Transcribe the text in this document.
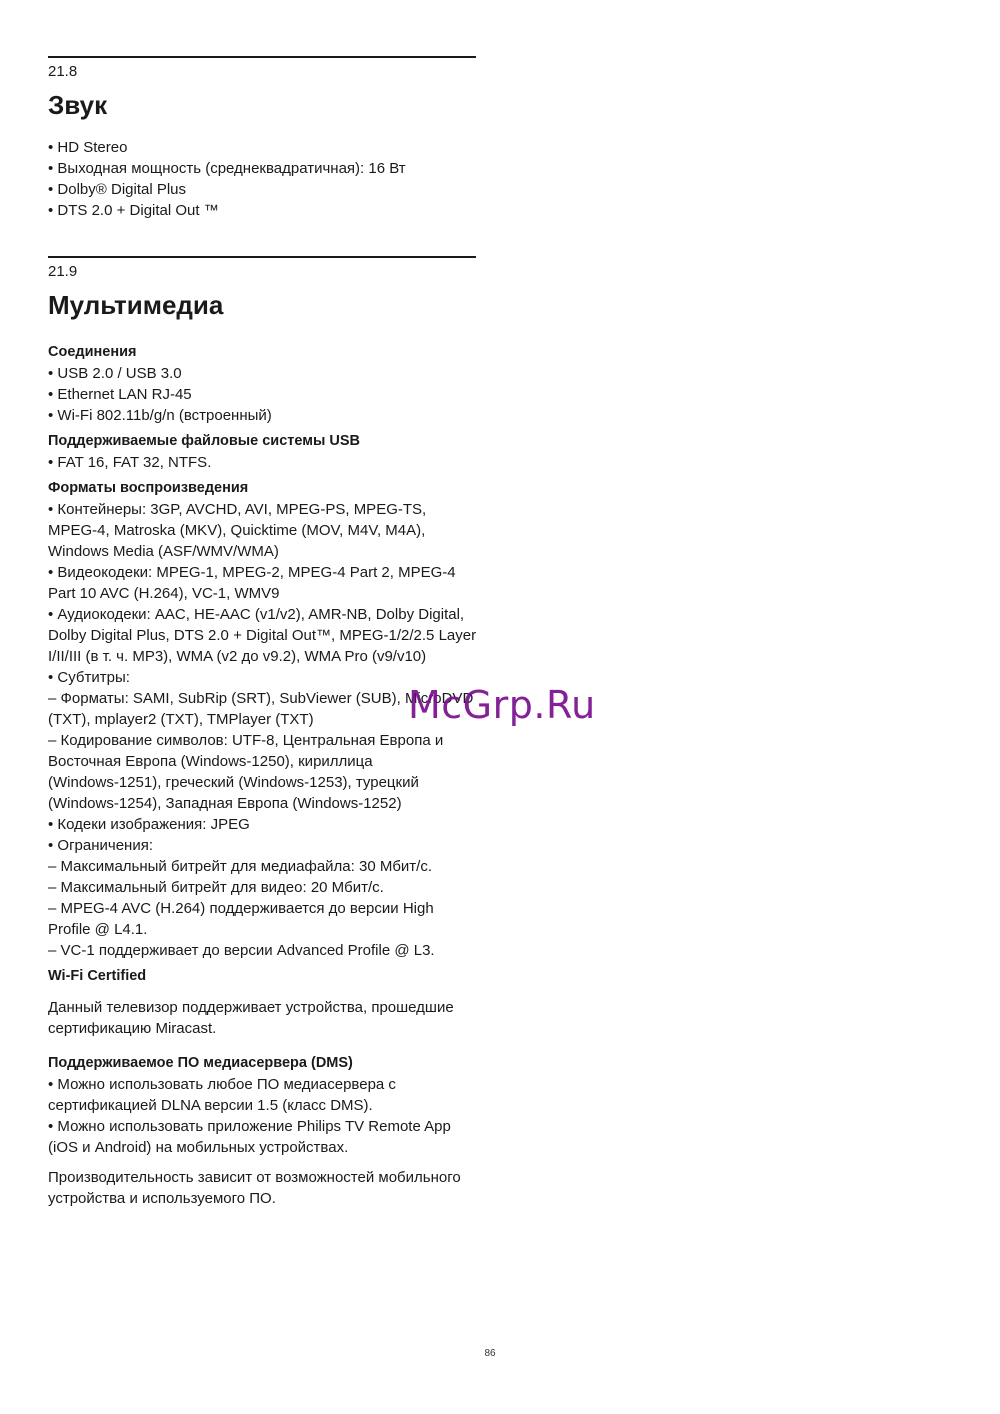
21.8
Звук
• HD Stereo
• Выходная мощность (среднеквадратичная): 16 Вт
• Dolby® Digital Plus
• DTS 2.0 + Digital Out ™
21.9
Мультимедиа
Соединения
• USB 2.0 / USB 3.0
• Ethernet LAN RJ-45
• Wi-Fi 802.11b/g/n (встроенный)
Поддерживаемые файловые системы USB
• FAT 16, FAT 32, NTFS.
Форматы воспроизведения
• Контейнеры: 3GP, AVCHD, AVI, MPEG-PS, MPEG-TS,
MPEG-4, Matroska (MKV), Quicktime (MOV, M4V, M4A),
Windows Media (ASF/WMV/WMA)
• Видеокодеки: MPEG-1, MPEG-2, MPEG-4 Part 2, MPEG-4
Part 10 AVC (H.264), VC-1, WMV9
• Аудиокодеки: AAC, HE-AAC (v1/v2), AMR-NB, Dolby Digital,
Dolby Digital Plus, DTS 2.0 + Digital Out™, MPEG-1/2/2.5 Layer
I/II/III (в т. ч. MP3), WMA (v2 до v9.2), WMA Pro (v9/v10)
• Субтитры:
– Форматы: SAMI, SubRip (SRT), SubViewer (SUB), MicroDVD
(TXT), mplayer2 (TXT), TMPlayer (TXT)
– Кодирование символов: UTF-8, Центральная Европа и
Восточная Европа (Windows-1250), кириллица
(Windows-1251), греческий (Windows-1253), турецкий
(Windows-1254), Западная Европа (Windows-1252)
• Кодеки изображения: JPEG
• Ограничения:
– Максимальный битрейт для медиафайла: 30 Мбит/с.
– Максимальный битрейт для видео: 20 Мбит/с.
– MPEG-4 AVC (H.264) поддерживается до версии High
Profile @ L4.1.
– VC-1 поддерживает до версии Advanced Profile @ L3.
Wi-Fi Certified
Данный телевизор поддерживает устройства, прошедшие
сертификацию Miracast.
Поддерживаемое ПО медиасервера (DMS)
• Можно использовать любое ПО медиасервера с
сертификацией DLNA версии 1.5 (класс DMS).
• Можно использовать приложение Philips TV Remote App
(iOS и Android) на мобильных устройствах.
Производительность зависит от возможностей мобильного
устройства и используемого ПО.
McGrp.Ru
86
